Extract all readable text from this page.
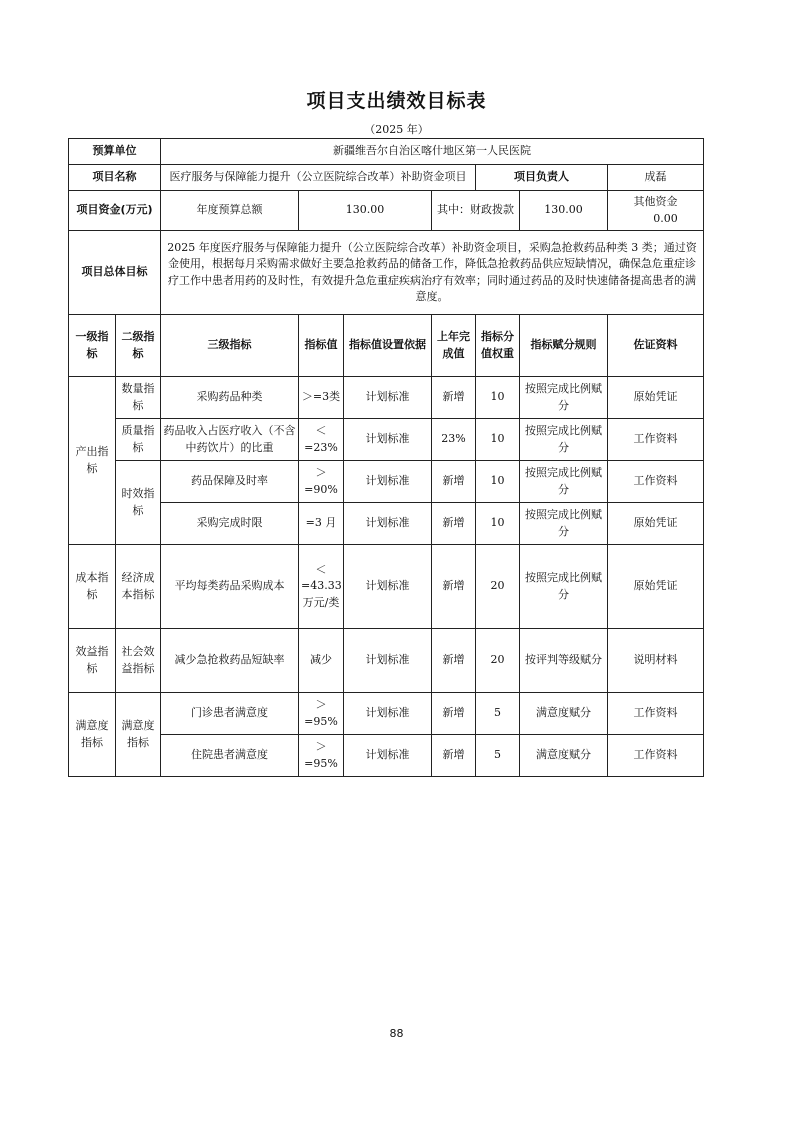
项目支出绩效目标表
（2025 年）
预算单位		新疆维吾尔自治区喀什地区第一人民医院						
项目名称		医疗服务与保障能力提升（公立医院综合改革）补助资金项目				项目负责人		成磊
项目资金(万元)		年度预算总额	130.00		其中：财政拨款		130.00	其他资金 0.00
项目总体目标		2025 年度医疗服务与保障能力提升（公立医院综合改革）补助资金项目，采购急抢救药品种类 3 类；通过资金使用，根据每月采购需求做好主要急抢救药品的储备工作，降低急抢救药品供应短缺情况，确保急危重症诊疗工作中患者用药的及时性，有效提升急危重症疾病治疗有效率；同时通过药品的及时快速储备提高患者的满意度。						
一级指标	二级指标	三级指标	指标值	指标值设置依据	上年完成值	指标分值权重	指标赋分规则	佐证资料
产出指标	数量指标	采购药品种类	＞=3类	计划标准	新增	10	按照完成比例赋分	原始凭证
	质量指标	药品收入占医疗收入（不含中药饮片）的比重	＜=23%	计划标准	23%	10	按照完成比例赋分	工作资料
	时效指标	药品保障及时率	＞=90%	计划标准	新增	10	按照完成比例赋分	工作资料
		采购完成时限	=3 月	计划标准	新增	10	按照完成比例赋分	原始凭证
成本指标	经济成本指标	平均每类药品采购成本	＜=43.33 万元/类	计划标准	新增	20	按照完成比例赋分	原始凭证
效益指标	社会效益指标	减少急抢救药品短缺率	减少	计划标准	新增	20	按评判等级赋分	说明材料
满意度指标	满意度指标	门诊患者满意度	＞=95%	计划标准	新增	5	满意度赋分	工作资料
		住院患者满意度	＞=95%	计划标准	新增	5	满意度赋分	工作资料
88
